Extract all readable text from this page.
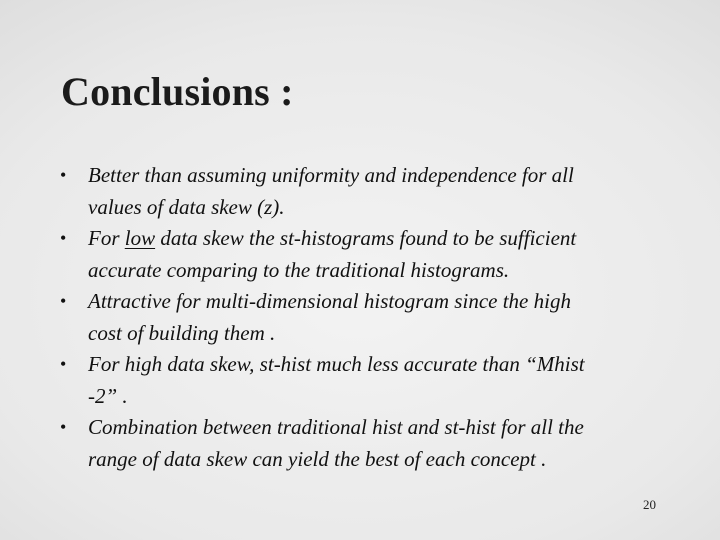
Conclusions :
• Better than assuming uniformity and independence for all
values of data skew (z).
• For low data skew the st-histograms found to be sufficient
accurate comparing to the traditional histograms.
• Attractive for multi-dimensional histogram since the high
cost of building them .
• For high data skew, st-hist much less accurate than “Mhist
-2” .
• Combination between traditional hist and st-hist for all the
range of data skew can yield the best of each concept .
20
